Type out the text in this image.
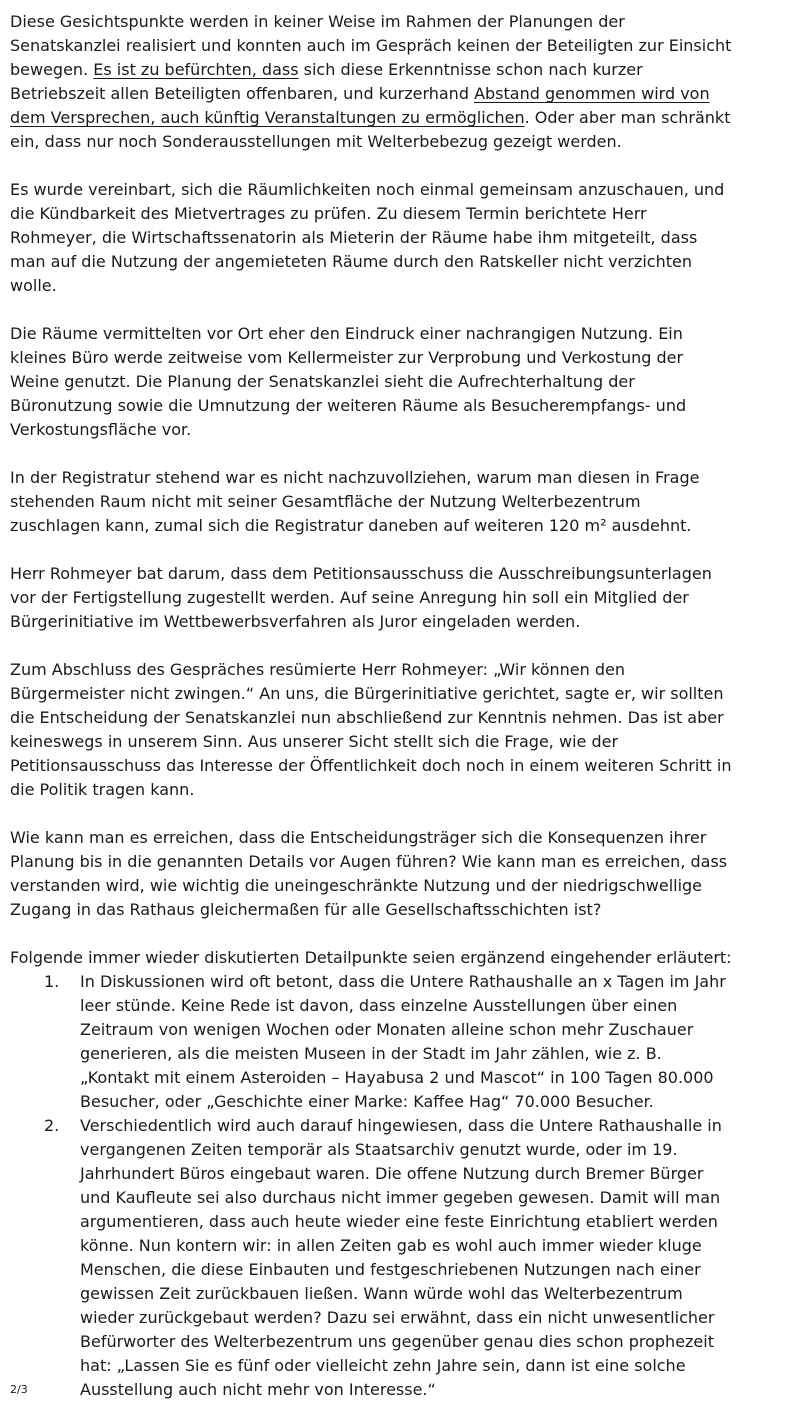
Diese Gesichtspunkte werden in keiner Weise im Rahmen der Planungen der Senatskanzlei realisiert und konnten auch im Gespräch keinen der Beteiligten zur Einsicht bewegen. Es ist zu befürchten, dass sich diese Erkenntnisse schon nach kurzer Betriebszeit allen Beteiligten offenbaren, und kurzerhand Abstand genommen wird von dem Versprechen, auch künftig Veranstaltungen zu ermöglichen. Oder aber man schränkt ein, dass nur noch Sonderausstellungen mit Welterbebezug gezeigt werden.

Es wurde vereinbart, sich die Räumlichkeiten noch einmal gemeinsam anzuschauen, und die Kündbarkeit des Mietvertrages zu prüfen. Zu diesem Termin berichtete Herr Rohmeyer, die Wirtschaftssenatorin als Mieterin der Räume habe ihm mitgeteilt, dass man auf die Nutzung der angemieteten Räume durch den Ratskeller nicht verzichten wolle.

Die Räume vermittelten vor Ort eher den Eindruck einer nachrangigen Nutzung. Ein kleines Büro werde zeitweise vom Kellermeister zur Verprobung und Verkostung der Weine genutzt. Die Planung der Senatskanzlei sieht die Aufrechterhaltung der Büronutzung sowie die Umnutzung der weiteren Räume als Besucherempfangs- und Verkostungsfläche vor.

In der Registratur stehend war es nicht nachzuvollziehen, warum man diesen in Frage stehenden Raum nicht mit seiner Gesamtfläche der Nutzung Welterbezentrum zuschlagen kann, zumal sich die Registratur daneben auf weiteren 120 m² ausdehnt.

Herr Rohmeyer bat darum, dass dem Petitionsausschuss die Ausschreibungsunterlagen vor der Fertigstellung zugestellt werden. Auf seine Anregung hin soll ein Mitglied der Bürgerinitiative im Wettbewerbsverfahren als Juror eingeladen werden.

Zum Abschluss des Gespräches resümierte Herr Rohmeyer: „Wir können den Bürgermeister nicht zwingen.“ An uns, die Bürgerinitiative gerichtet, sagte er, wir sollten die Entscheidung der Senatskanzlei nun abschließend zur Kenntnis nehmen. Das ist aber keineswegs in unserem Sinn. Aus unserer Sicht stellt sich die Frage, wie der Petitionsausschuss das Interesse der Öffentlichkeit doch noch in einem weiteren Schritt in die Politik tragen kann.

Wie kann man es erreichen, dass die Entscheidungsträger sich die Konsequenzen ihrer Planung bis in die genannten Details vor Augen führen? Wie kann man es erreichen, dass verstanden wird, wie wichtig die uneingeschränkte Nutzung und der niedrigschwellige Zugang in das Rathaus gleichermaßen für alle Gesellschaftsschichten ist?

Folgende immer wieder diskutierten Detailpunkte seien ergänzend eingehender erläutert:

1. In Diskussionen wird oft betont, dass die Untere Rathaushalle an x Tagen im Jahr leer stünde. Keine Rede ist davon, dass einzelne Ausstellungen über einen Zeitraum von wenigen Wochen oder Monaten alleine schon mehr Zuschauer generieren, als die meisten Museen in der Stadt im Jahr zählen, wie z. B. „Kontakt mit einem Asteroiden – Hayabusa 2 und Mascot“ in 100 Tagen 80.000 Besucher, oder „Geschichte einer Marke: Kaffee Hag“ 70.000 Besucher.
2. Verschiedentlich wird auch darauf hingewiesen, dass die Untere Rathaushalle in vergangenen Zeiten temporär als Staatsarchiv genutzt wurde, oder im 19. Jahrhundert Büros eingebaut waren. Die offene Nutzung durch Bremer Bürger und Kaufleute sei also durchaus nicht immer gegeben gewesen. Damit will man argumentieren, dass auch heute wieder eine feste Einrichtung etabliert werden könne. Nun kontern wir: in allen Zeiten gab es wohl auch immer wieder kluge Menschen, die diese Einbauten und festgeschriebenen Nutzungen nach einer gewissen Zeit zurückbauen ließen. Wann würde wohl das Welterbezentrum wieder zurückgebaut werden? Dazu sei erwähnt, dass ein nicht unwesentlicher Befürworter des Welterbezentrum uns gegenüber genau dies schon prophezeit hat: „Lassen Sie es fünf oder vielleicht zehn Jahre sein, dann ist eine solche Ausstellung auch nicht mehr von Interesse.“
2/3
